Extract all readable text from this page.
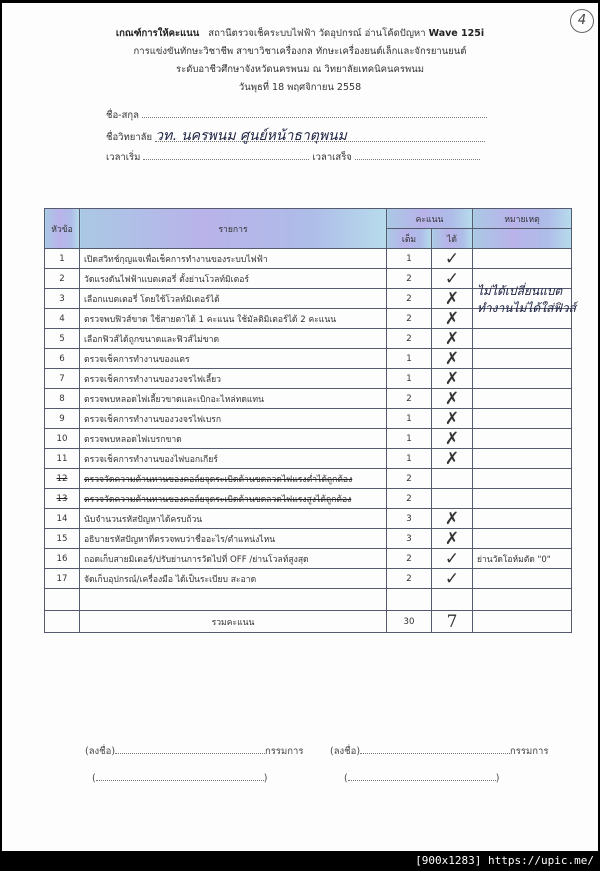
4
เกณฑ์การให้คะแนน สถานีตรวจเช็คระบบไฟฟ้า วัดอุปกรณ์ อ่านโค้ดปัญหา Wave 125i
การแข่งขันทักษะวิชาชีพ สาขาวิชาเครื่องกล ทักษะเครื่องยนต์เล็กและจักรยานยนต์
ระดับอาชีวศึกษาจังหวัดนครพนม ณ วิทยาลัยเทคนิคนครพนม
วันพุธที่ 18 พฤศจิกายน 2558
ชื่อ-สกุล
ชื่อวิทยาลัย วท. นครพนม ศูนย์หน้าธาตุพนม
เวลาเริ่ม	เวลาเสร็จ
หัวข้อ	รายการ	คะแนน		หมายเหตุ
		เต็ม	ได้	
1	เปิดสวิทช์กุญแจเพื่อเช็คการทำงานของระบบไฟฟ้า	1	✓	
2	วัดแรงดันไฟฟ้าแบตเตอรี่ ตั้งย่านโวลท์มิเตอร์	2	✓	
3	เลือกแบตเตอรี่ โดยใช้โวลท์มิเตอร์ได้	2	✗	
4	ตรวจพบฟิวส์ขาด ใช้สายตาได้ 1 คะแนน ใช้มัลติมิเตอร์ได้ 2 คะแนน	2	✗	
5	เลือกฟิวส์ได้ถูกขนาดและฟิวส์ไม่ขาด	2	✗	
6	ตรวจเช็คการทำงานของแตร	1	✗	
7	ตรวจเช็คการทำงานของวงจรไฟเลี้ยว	1	✗	
8	ตรวจพบหลอดไฟเลี้ยวขาดและเบิกอะไหล่ทดแทน	2	✗	
9	ตรวจเช็คการทำงานของวงจรไฟเบรก	1	✗	
10	ตรวจพบหลอดไฟเบรกขาด	1	✗	
11	ตรวจเช็คการทำงานของไฟบอกเกียร์	1	✗	
12	ตรวจวัดความต้านทานของคอล์ยจุดระเบิดด้านขดลวดไฟแรงต่ำได้ถูกต้อง	2		
13	ตรวจวัดความต้านทานของคอล์ยจุดระเบิดด้านขดลวดไฟแรงสูงได้ถูกต้อง	2		
14	นับจำนวนรหัสปัญหาได้ครบถ้วน	3	✗	
15	อธิบายรหัสปัญหาที่ตรวจพบว่าชื่ออะไร/ตำแหน่งไหน	3	✗	
16	ถอดเก็บสายมิเตอร์/ปรับย่านการวัดไปที่ OFF /ย่านโวลท์สูงสุด	2	✓	ย่านวัดโอห์มตัด "0"
17	จัดเก็บอุปกรณ์/เครื่องมือ ได้เป็นระเบียบ สะอาด	2	✓	

	รวมคะแนน	30	7	
ไม่ได้เปลี่ยนแบต ทำงานไม่ได้ใส่ฟิวส์
(ลงชื่อ)	กรรมการ
(	)
(ลงชื่อ)	กรรมการ
(	)
[900x1283] https://upic.me/
